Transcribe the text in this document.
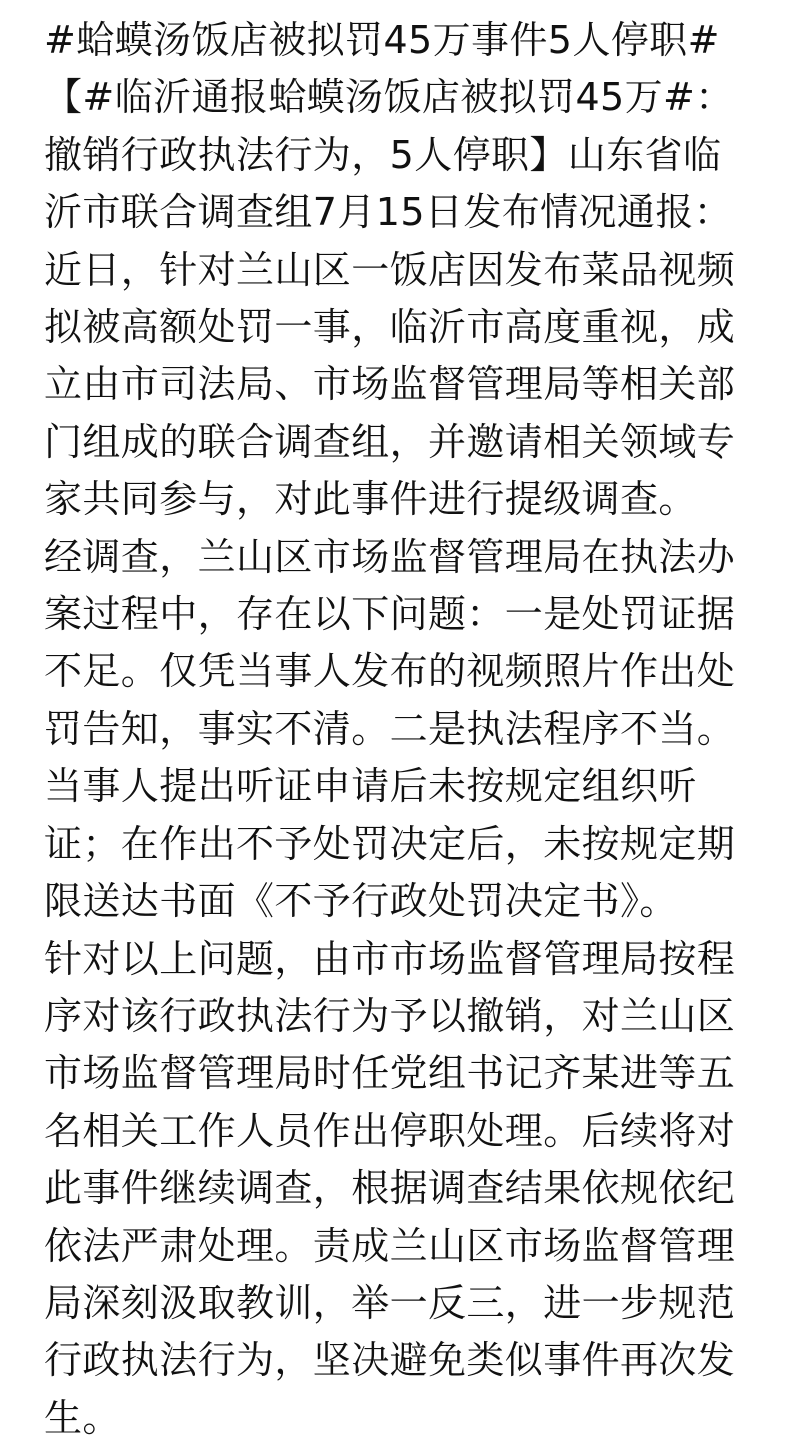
#蛤蟆汤饭店被拟罚45万事件5人停职#【#临沂通报蛤蟆汤饭店被拟罚45万#：撤销行政执法行为，5人停职】山东省临沂市联合调查组7月15日发布情况通报：

近日，针对兰山区一饭店因发布菜品视频拟被高额处罚一事，临沂市高度重视，成立由市司法局、市场监督管理局等相关部门组成的联合调查组，并邀请相关领域专家共同参与，对此事件进行提级调查。

经调查，兰山区市场监督管理局在执法办案过程中，存在以下问题：一是处罚证据不足。仅凭当事人发布的视频照片作出处罚告知，事实不清。二是执法程序不当。当事人提出听证申请后未按规定组织听证；在作出不予处罚决定后，未按规定期限送达书面《不予行政处罚决定书》。

针对以上问题，由市市场监督管理局按程序对该行政执法行为予以撤销，对兰山区市场监督管理局时任党组书记齐某进等五名相关工作人员作出停职处理。后续将对此事件继续调查，根据调查结果依规依纪依法严肃处理。责成兰山区市场监督管理局深刻汲取教训，举一反三，进一步规范行政执法行为，坚决避免类似事件再次发生。
